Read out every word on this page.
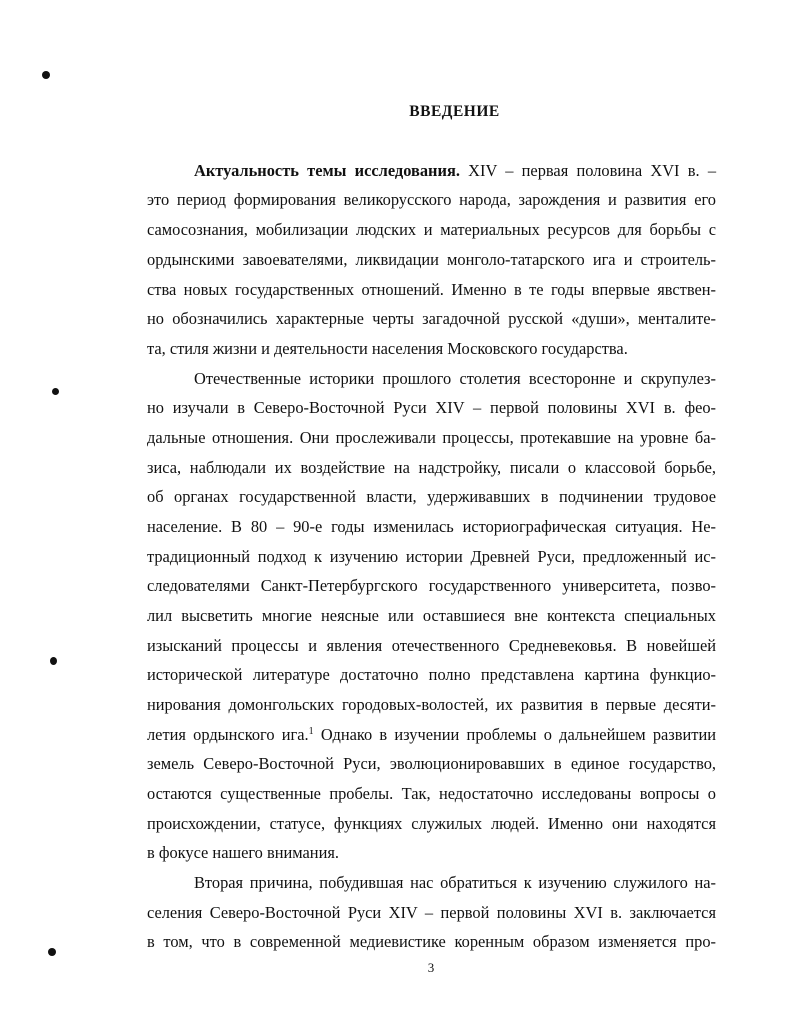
ВВЕДЕНИЕ
Актуальность темы исследования. XIV – первая половина XVI в. –
это период формирования великорусского народа, зарождения и развития его
самосознания, мобилизации людских и материальных ресурсов для борьбы с
ордынскими завоевателями, ликвидации монголо-татарского ига и строитель-
ства новых государственных отношений. Именно в те годы впервые явствен-
но обозначились характерные черты загадочной русской «души», менталите-
та, стиля жизни и деятельности населения Московского государства.
Отечественные историки прошлого столетия всесторонне и скрупулез-
но изучали в Северо-Восточной Руси XIV – первой половины XVI в. фео-
дальные отношения. Они прослеживали процессы, протекавшие на уровне ба-
зиса, наблюдали их воздействие на надстройку, писали о классовой борьбе,
об органах государственной власти, удерживавших в подчинении трудовое
население. В 80 – 90-е годы изменилась историографическая ситуация. Не-
традиционный подход к изучению истории Древней Руси, предложенный ис-
следователями Санкт-Петербургского государственного университета, позво-
лил высветить многие неясные или оставшиеся вне контекста специальных
изысканий процессы и явления отечественного Средневековья. В новейшей
исторической литературе достаточно полно представлена картина функцио-
нирования домонгольских городовых-волостей, их развития в первые десяти-
летия ордынского ига.$^1$ Однако в изучении проблемы о дальнейшем развитии
земель Северо-Восточной Руси, эволюционировавших в единое государство,
остаются существенные пробелы. Так, недостаточно исследованы вопросы о
происхождении, статусе, функциях служилых людей. Именно они находятся
в фокусе нашего внимания.
Вторая причина, побудившая нас обратиться к изучению служилого на-
селения Северо-Восточной Руси XIV – первой половины XVI в. заключается
в том, что в современной медиевистике коренным образом изменяется про-
3
